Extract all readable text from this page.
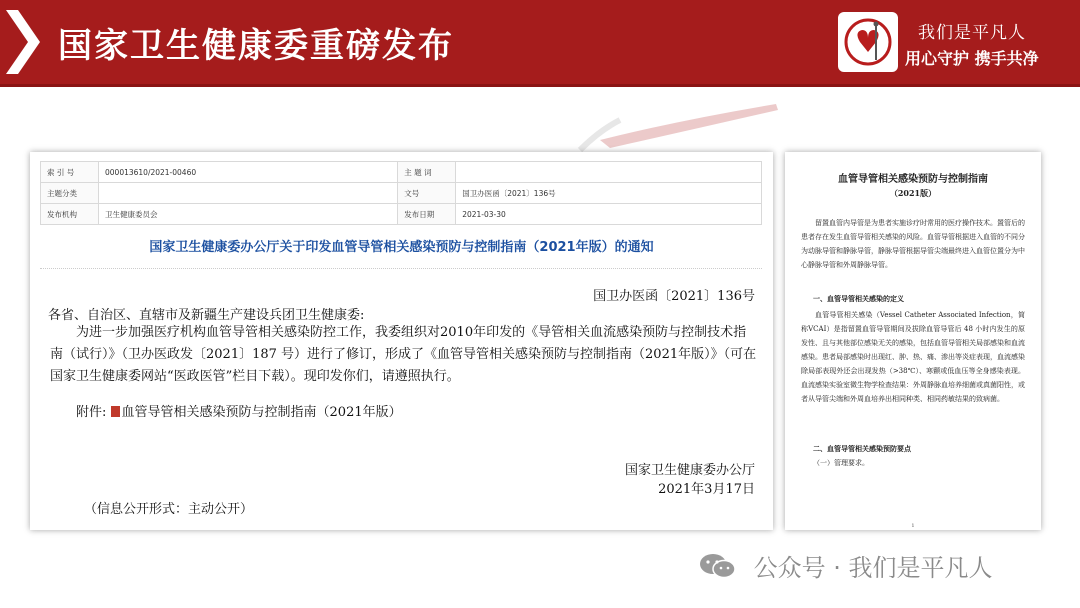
国家卫生健康委重磅发布	我们是平凡人
用心守护 携手共净
索 引 号	000013610/2021-00460	主 题 词	
主题分类		文号	国卫办医函〔2021〕136号
发布机构	卫生健康委员会	发布日期	2021-03-30
国家卫生健康委办公厅关于印发血管导管相关感染预防与控制指南（2021年版）的通知
国卫办医函〔2021〕136号
各省、自治区、直辖市及新疆生产建设兵团卫生健康委:
为进一步加强医疗机构血管导管相关感染防控工作，我委组织对2010年印发的《导管相关血流感染预防与控制技术指南（试行）》（卫办医政发〔2021〕187 号）进行了修订，形成了《血管导管相关感染预防与控制指南（2021年版）》（可在国家卫生健康委网站“医政医管”栏目下载）。现印发你们，请遵照执行。
附件: 血管导管相关感染预防与控制指南（2021年版）
国家卫生健康委办公厅
2021年3月17日
（信息公开形式：主动公开）
血管导管相关感染预防与控制指南
（2021版）
留置血管内导管是为患者实施诊疗时常用的医疗操作技术。置管后的患者存在发生血管导管相关感染的风险。血管导管根据进入血管的不同分为动脉导管和静脉导管，静脉导管根据导管尖端最终进入血管位置分为中心静脉导管和外周静脉导管。
一、血管导管相关感染的定义
血管导管相关感染（Vessel Catheter Associated Infection，简称VCAI）是指留置血管导管期间及拔除血管导管后 48 小时内发生的原发性、且与其他部位感染无关的感染，包括血管导管相关局部感染和血流感染。患者局部感染时出现红、肿、热、痛、渗出等炎症表现，血流感染除局部表现外还会出现发热（>38℃）、寒颤或低血压等全身感染表现。血流感染实验室微生物学检查结果：外周静脉血培养细菌或真菌阳性，或者从导管尖端和外周血培养出相同种类、相同药敏结果的致病菌。
二、血管导管相关感染预防要点
（一）管理要求。
1
公众号 · 我们是平凡人
